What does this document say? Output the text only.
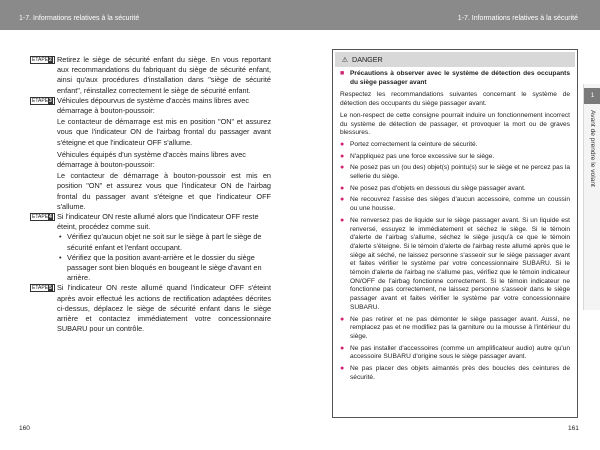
1-7. Informations relatives à la sécurité	1-7. Informations relatives à la sécurité
1
Avant de prendre le volant
ÉTAPE2 Retirez le siège de sécurité enfant du siège. En vous reportant aux recommandations du fabriquant du siège de sécurité enfant, ainsi qu'aux procédures d'installation dans "siège de sécurité enfant", réinstallez correctement le siège de sécurité enfant.

ÉTAPE3 Véhicules dépourvus de système d'accès mains libres avec démarrage à bouton-poussoir:

Le contacteur de démarrage est mis en position "ON" et assurez vous que l'indicateur ON de l'airbag frontal du passager avant s'éteigne et que l'indicateur OFF s'allume.

Véhicules équipés d'un système d'accès mains libres avec démarrage à bouton-poussoir:

Le contacteur de démarrage à bouton-poussoir est mis en position "ON" et assurez vous que l'indicateur ON de l'airbag frontal du passager avant s'éteigne et que l'indicateur OFF s'allume.

ÉTAPE4 Si l'indicateur ON reste allumé alors que l'indicateur OFF reste éteint, procédez comme suit.

• Vérifiez qu'aucun objet ne soit sur le siège à part le siège de sécurité enfant et l'enfant occupant.
• Vérifiez que la position avant-arrière et le dossier du siège passager sont bien bloqués en bougeant le siège d'avant en arrière.
ÉTAPE5 Si l'indicateur ON reste allumé quand l'indicateur OFF s'éteint après avoir effectué les actions de rectification adaptées décrites ci-dessus, déplacez le siège de sécurité enfant dans le siège arrière et contactez immédiatement votre concessionnaire SUBARU pour un contrôle.

⚠ DANGER

■ Précautions à observer avec le système de détection des occupants du siège passager avant

Respectez les recommandations suivantes concernant le système de détection des occupants du siège passager avant.

Le non-respect de cette consigne pourrait induire un fonctionnement incorrect du système de détection de passager, et provoquer la mort ou de graves blessures.

● Portez correctement la ceinture de sécurité.
● N'appliquez pas une force excessive sur le siège.
● Ne posez pas un (ou des) objet(s) pointu(s) sur le siège et ne percez pas la sellerie du siège.
● Ne posez pas d'objets en dessous du siège passager avant.
● Ne recouvrez l'assise des sièges d'aucun accessoire, comme un coussin ou une housse.
● Ne renversez pas de liquide sur le siège passager avant. Si un liquide est renversé, essuyez le immédiatement et séchez le siège. Si le témoin d'alerte de l'airbag s'allume, séchez le siège jusqu'à ce que le témoin d'alerte s'éteigne. Si le témoin d'alerte de l'airbag reste allumé après que le siège ait séché, ne laissez personne s'asseoir sur le siège passager avant et faites vérifier le système par votre concessionnaire SUBARU. Si le témoin d'alerte de l'airbag ne s'allume pas, vérifiez que le témoin indicateur ON/OFF de l'airbag fonctionne correctement. Si le témoin indicateur ne fonctionne pas correctement, ne laissez personne s'asseoir dans le siège passager avant et faites vérifier le système par votre concessionnaire SUBARU.
● Ne pas retirer et ne pas démonter le siège passager avant. Aussi, ne remplacez pas et ne modifiez pas la garniture ou la mousse à l'intérieur du siège.
● Ne pas installer d'accessoires (comme un amplificateur audio) autre qu'un accessoire SUBARU d'origine sous le siège passager avant.
● Ne pas placer des objets aimantés près des boucles des ceintures de sécurité.
160	161
